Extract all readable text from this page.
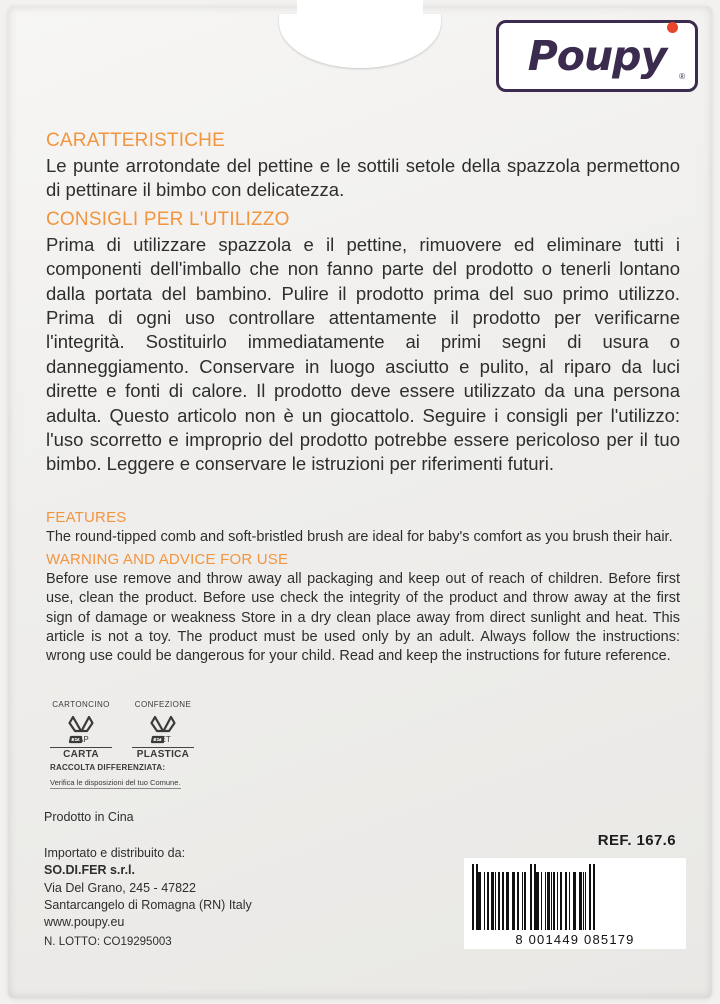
Poupy ®
CARATTERISTICHE

Le punte arrotondate del pettine e le sottili setole della spazzola permettono di pettinare il bimbo con delicatezza.

CONSIGLI PER L'UTILIZZO

Prima di utilizzare spazzola e il pettine, rimuovere ed eliminare tutti i componenti dell'imballo che non fanno parte del prodotto o tenerli lontano dalla portata del bambino. Pulire il prodotto prima del suo primo utilizzo. Prima di ogni uso controllare attentamente il prodotto per verificarne l'integrità. Sostituirlo immediatamente ai primi segni di usura o danneggiamento. Conservare in luogo asciutto e pulito, al riparo da luci dirette e fonti di calore. Il prodotto deve essere utilizzato da una persona adulta. Questo articolo non è un giocattolo. Seguire i consigli per l'utilizzo: l'uso scorretto e improprio del prodotto potrebbe essere pericoloso per il tuo bimbo. Leggere e conservare le istruzioni per riferimenti futuri.

FEATURES

The round-tipped comb and soft-bristled brush are ideal for baby's comfort as you brush their hair.

WARNING AND ADVICE FOR USE

Before use remove and throw away all packaging and keep out of reach of children. Before first use, clean the product. Before use check the integrity of the product and throw away at the first sign of damage or weakness Store in a dry clean place away from direct sunlight and heat. This article is not a toy. The product must be used only by an adult. Always follow the instructions: wrong use could be dangerous for your child. Read and keep the instructions for future reference.

CARTONCINO	CONFEZIONE
PAP
CARTA
PET
PLASTICA
RACCOLTA DIFFERENZIATA:
Verifica le disposizioni del tuo Comune.
Prodotto in Cina
Importato e distribuito da:
SO.DI.FER s.r.l.
Via Del Grano, 245 - 47822
Santarcangelo di Romagna (RN) Italy
www.poupy.eu
N. LOTTO: CO19295003
REF. 167.6
8 001449 085179
